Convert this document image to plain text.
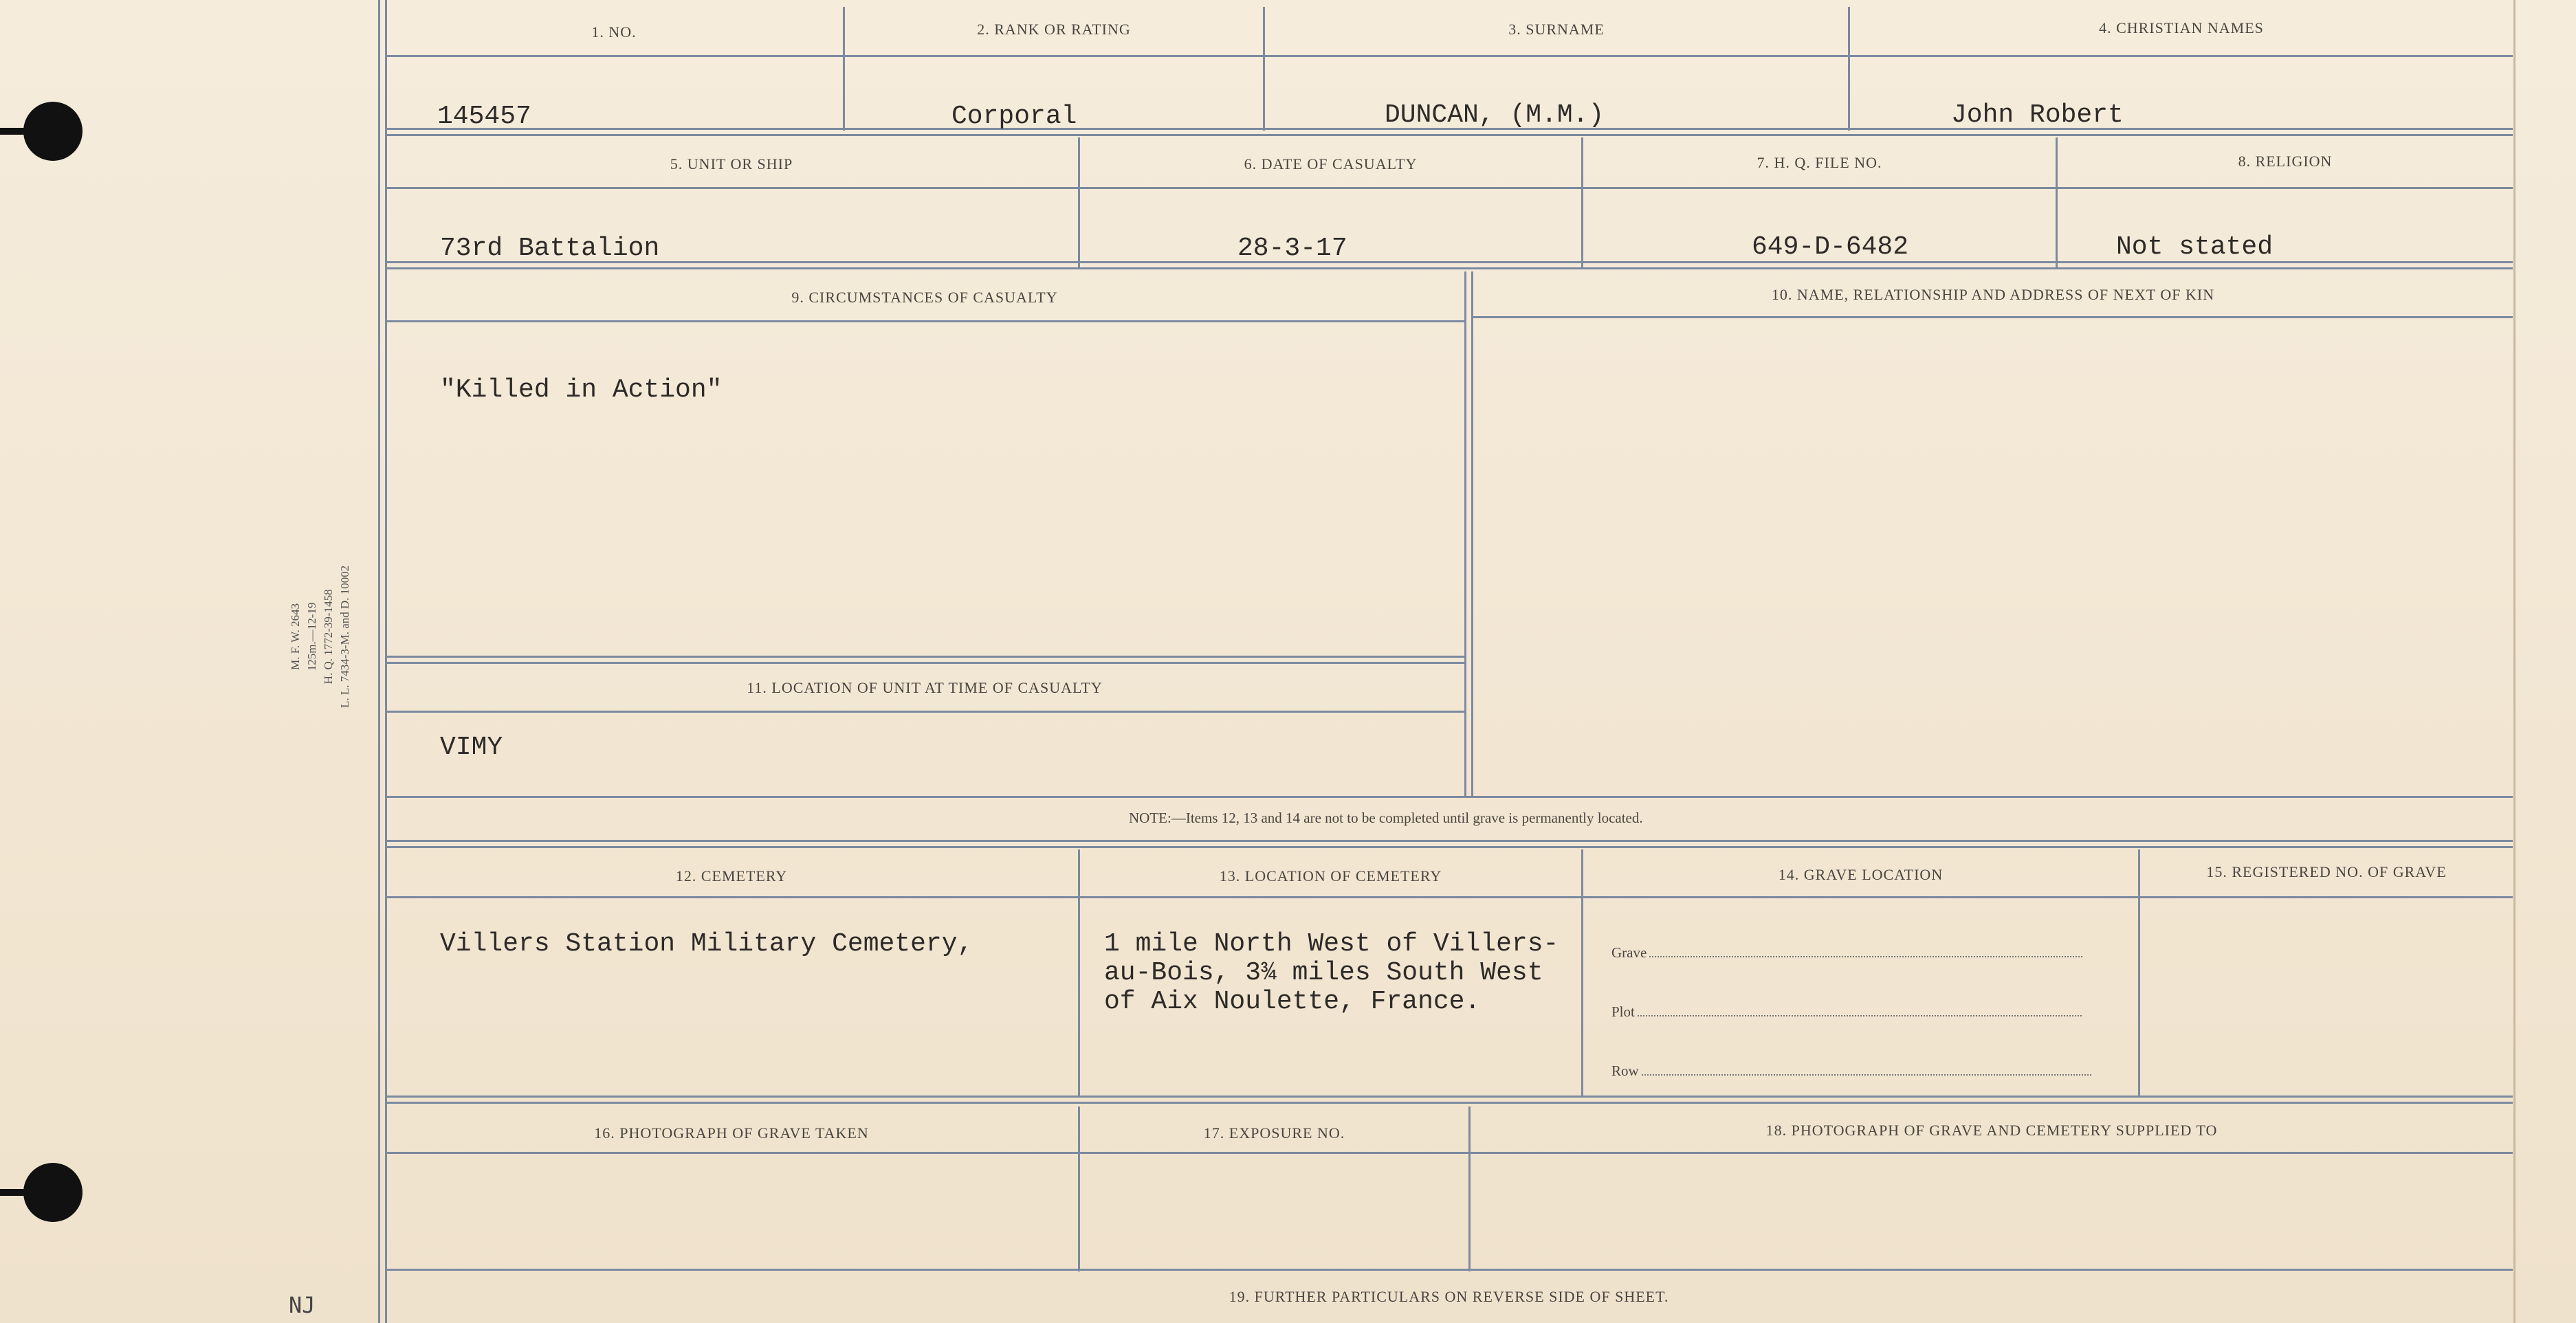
M. F. W. 2643 125m.—12-19 H. Q. 1772-39-1458 L. L. 7434-3-M. and D. 10002
NJ
1. NO.	2. RANK OR RATING	3. SURNAME	4. CHRISTIAN NAMES
145457	Corporal	DUNCAN, (M.M.)	John Robert
5. UNIT OR SHIP	6. DATE OF CASUALTY	7. H. Q. FILE NO.	8. RELIGION
73rd Battalion	28-3-17	649-D-6482	Not stated
9. CIRCUMSTANCES OF CASUALTY	10. NAME, RELATIONSHIP AND ADDRESS OF NEXT OF KIN
"Killed in Action"
11. LOCATION OF UNIT AT TIME OF CASUALTY
VIMY
NOTE:—Items 12, 13 and 14 are not to be completed until grave is permanently located.
12. CEMETERY	13. LOCATION OF CEMETERY	14. GRAVE LOCATION	15. REGISTERED NO. OF GRAVE
Villers Station Military Cemetery,	1 mile North West of Villers-
au-Bois, 3¾ miles South West
of Aix Noulette, France.
Grave
Plot
Row
16. PHOTOGRAPH OF GRAVE TAKEN	17. EXPOSURE NO.	18. PHOTOGRAPH OF GRAVE AND CEMETERY SUPPLIED TO
19. FURTHER PARTICULARS ON REVERSE SIDE OF SHEET.
